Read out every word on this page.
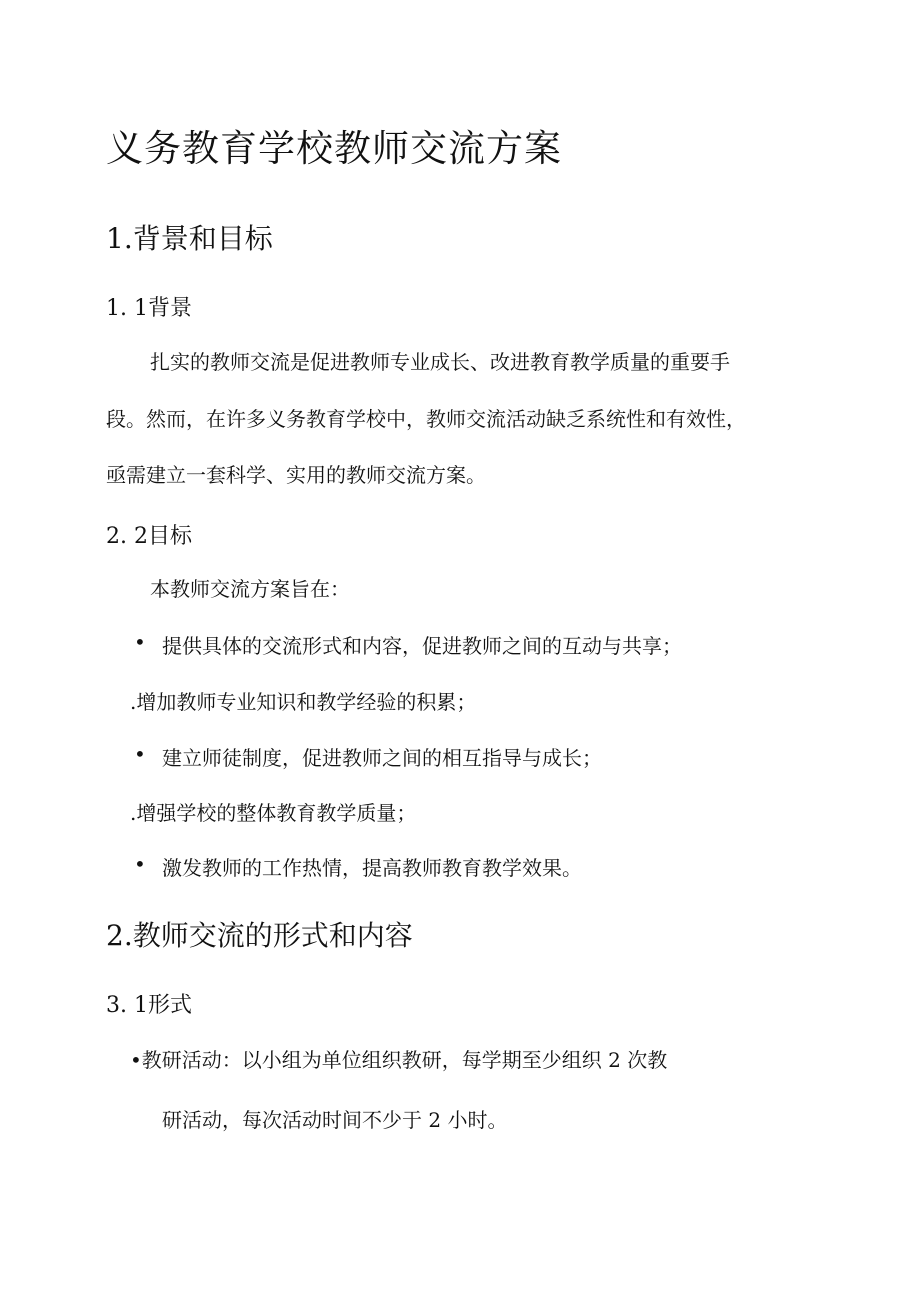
义务教育学校教师交流方案
1.背景和目标
1. 1背景
扎实的教师交流是促进教师专业成长、改进教育教学质量的重要手
段。然而，在许多义务教育学校中，教师交流活动缺乏系统性和有效性，
亟需建立一套科学、实用的教师交流方案。
2. 2目标
本教师交流方案旨在：
• 提供具体的交流形式和内容，促进教师之间的互动与共享；
.增加教师专业知识和教学经验的积累；
• 建立师徒制度，促进教师之间的相互指导与成长；
.增强学校的整体教育教学质量；
• 激发教师的工作热情，提高教师教育教学效果。
2.教师交流的形式和内容
3. 1形式
•教研活动：以小组为单位组织教研，每学期至少组织 2 次教
研活动，每次活动时间不少于 2 小时。
